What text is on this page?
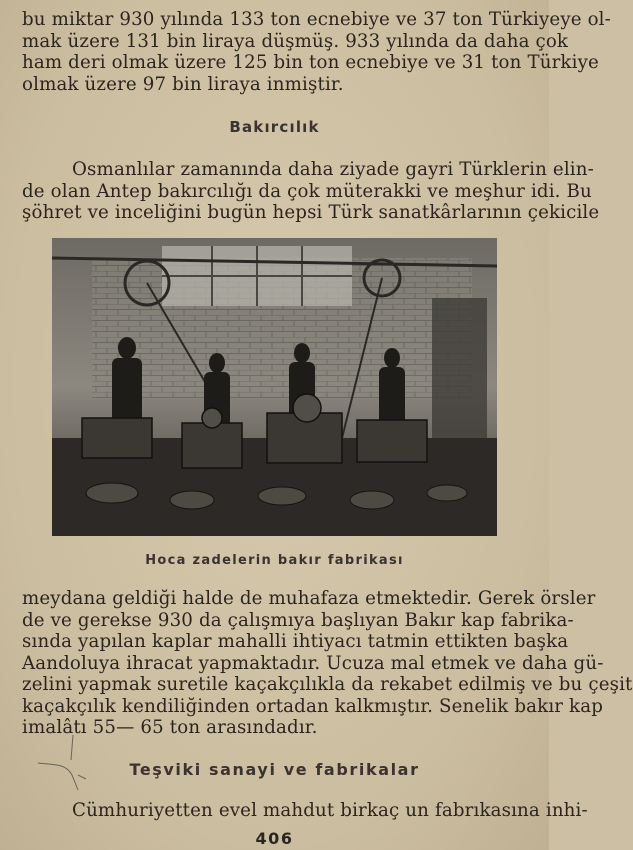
bu miktar 930 yılında 133 ton ecnebiye ve 37 ton Türkiyeye ol-
mak üzere 131 bin liraya düşmüş. 933 yılında da daha çok
ham deri olmak üzere 125 bin ton ecnebiye ve 31 ton Türkiye
olmak üzere 97 bin liraya inmiştir.
Bakırcılık
Osmanlılar zamanında daha ziyade gayri Türklerin elin-
de olan Antep bakırcılığı da çok müterakki ve meşhur idi. Bu
şöhret ve inceliğini bugün hepsi Türk sanatkârlarının çekicile
Hoca zadelerin bakır fabrikası
meydana geldiği halde de muhafaza etmektedir. Gerek örsler
de ve gerekse 930 da çalışmıya başlıyan Bakır kap fabrika-
sında yapılan kaplar mahalli ihtiyacı tatmin ettikten başka
Aandoluya ihracat yapmaktadır. Ucuza mal etmek ve daha gü-
zelini yapmak suretile kaçakçılıkla da rekabet edilmiş ve bu çeşit
kaçakçılık kendiliğinden ortadan kalkmıştır. Senelik bakır kap
imalâtı 55— 65 ton arasındadır.
Teşviki sanayi ve fabrikalar
Cümhuriyetten evel mahdut birkaç un fabrıkasına inhi-
406
